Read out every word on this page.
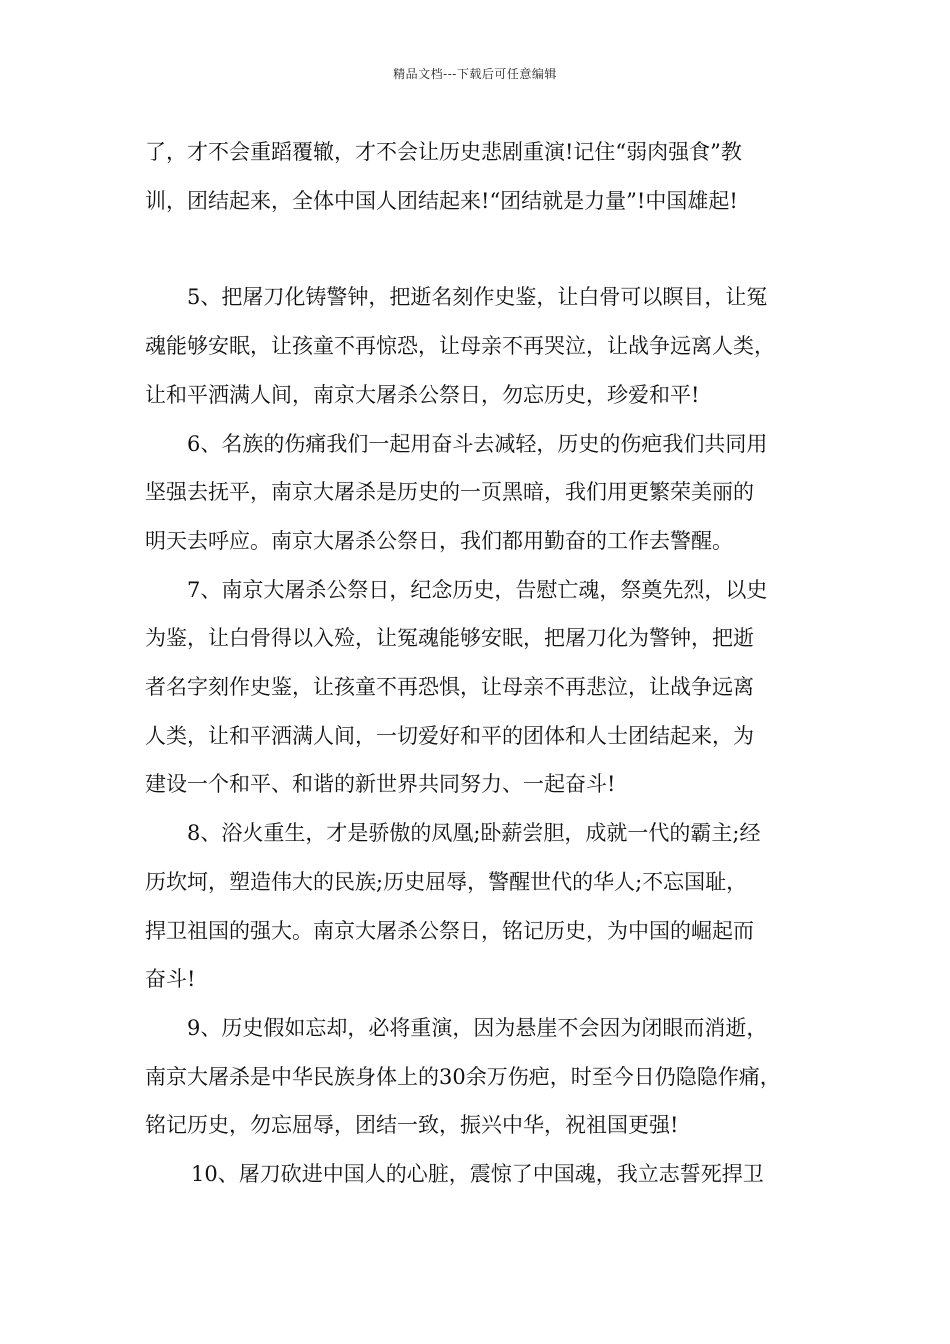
精品文档---下载后可任意编辑

了，才不会重蹈覆辙，才不会让历史悲剧重演!记住“弱肉强食”教
训，团结起来，全体中国人团结起来!“团结就是力量”!中国雄起!

5、把屠刀化铸警钟，把逝名刻作史鉴，让白骨可以瞑目，让冤
魂能够安眠，让孩童不再惊恐，让母亲不再哭泣，让战争远离人类，
让和平洒满人间，南京大屠杀公祭日，勿忘历史，珍爱和平!

6、名族的伤痛我们一起用奋斗去减轻，历史的伤疤我们共同用
坚强去抚平，南京大屠杀是历史的一页黑暗，我们用更繁荣美丽的
明天去呼应。南京大屠杀公祭日，我们都用勤奋的工作去警醒。

7、南京大屠杀公祭日，纪念历史，告慰亡魂，祭奠先烈，以史
为鉴，让白骨得以入殓，让冤魂能够安眠，把屠刀化为警钟，把逝
者名字刻作史鉴，让孩童不再恐惧，让母亲不再悲泣，让战争远离
人类，让和平洒满人间，一切爱好和平的团体和人士团结起来，为
建设一个和平、和谐的新世界共同努力、一起奋斗!

8、浴火重生，才是骄傲的凤凰;卧薪尝胆，成就一代的霸主;经
历坎坷，塑造伟大的民族;历史屈辱，警醒世代的华人;不忘国耻，
捍卫祖国的强大。南京大屠杀公祭日，铭记历史，为中国的崛起而
奋斗!

9、历史假如忘却，必将重演，因为悬崖不会因为闭眼而消逝，
南京大屠杀是中华民族身体上的30余万伤疤，时至今日仍隐隐作痛，
铭记历史，勿忘屈辱，团结一致，振兴中华，祝祖国更强!

10、屠刀砍进中国人的心脏，震惊了中国魂，我立志誓死捍卫
